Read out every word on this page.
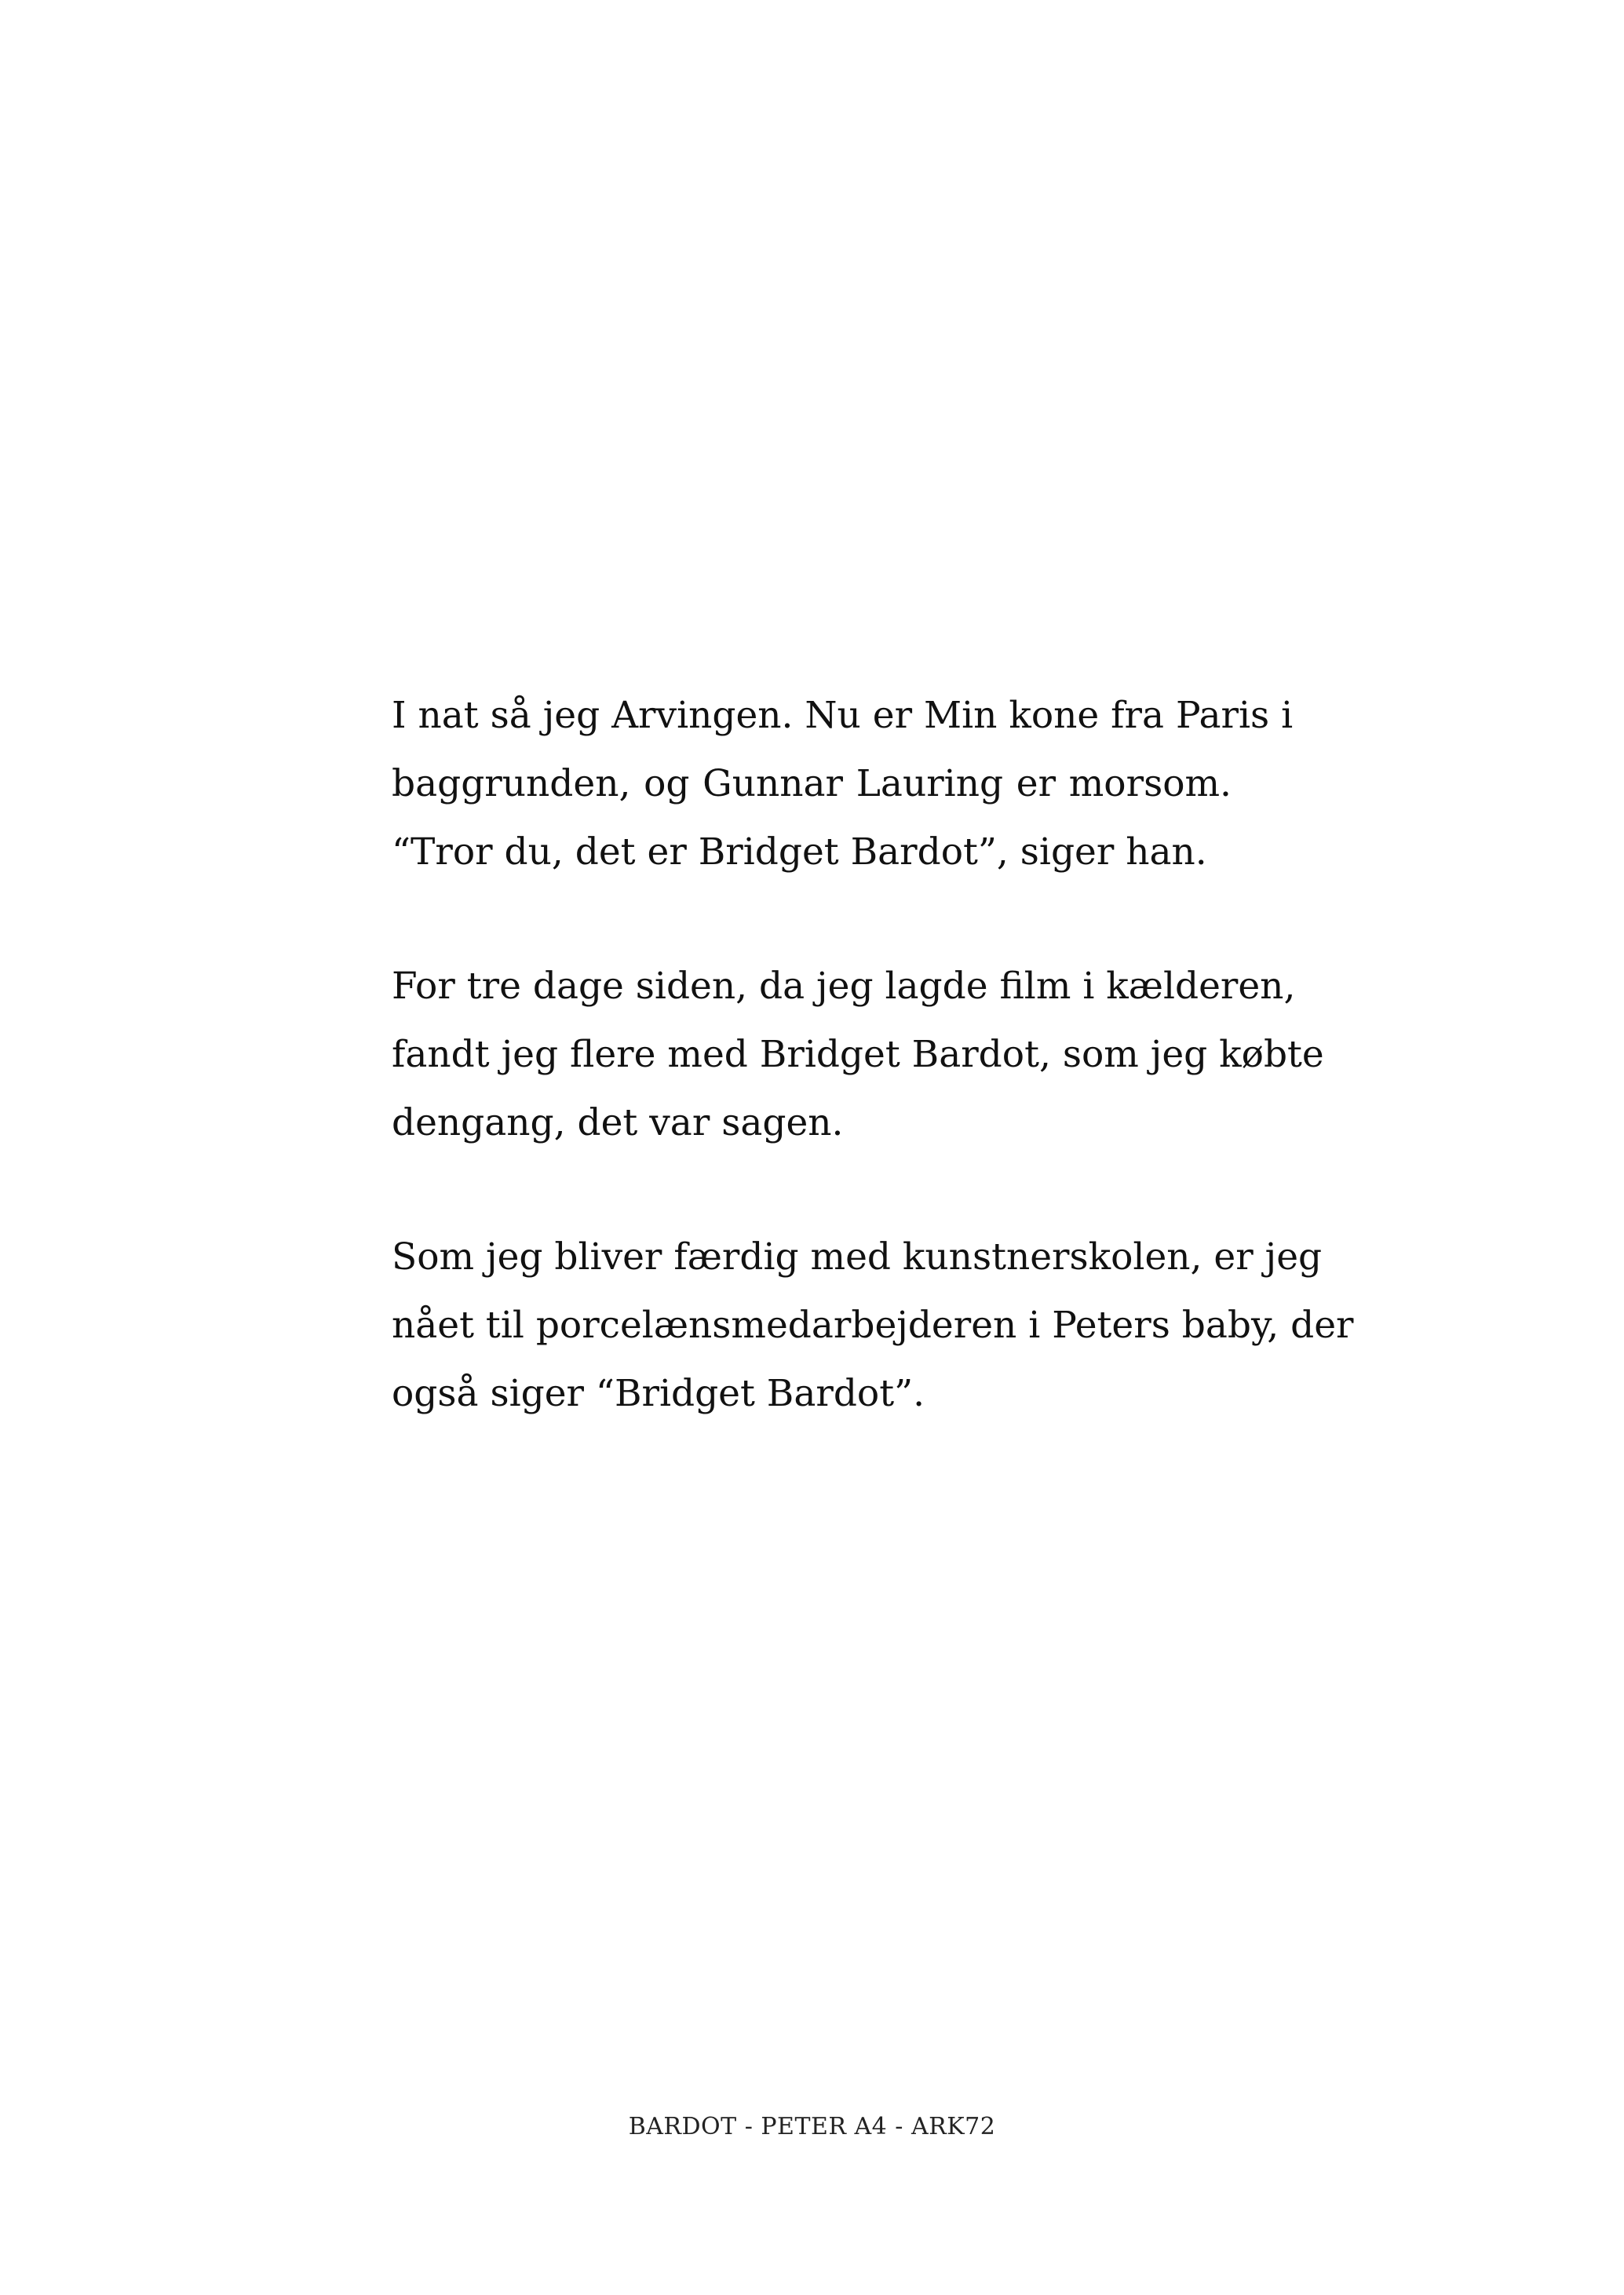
I nat så jeg Arvingen. Nu er Min kone fra Paris i
baggrunden, og Gunnar Lauring er morsom.
“Tror du, det er Bridget Bardot”, siger han.

For tre dage siden, da jeg lagde film i kælderen,
fandt jeg flere med Bridget Bardot, som jeg købte
dengang, det var sagen.

Som jeg bliver færdig med kunstnerskolen, er jeg
nået til porcelænsmedarbejderen i Peters baby, der
også siger “Bridget Bardot”.

BARDOT - PETER A4 - ARK72
